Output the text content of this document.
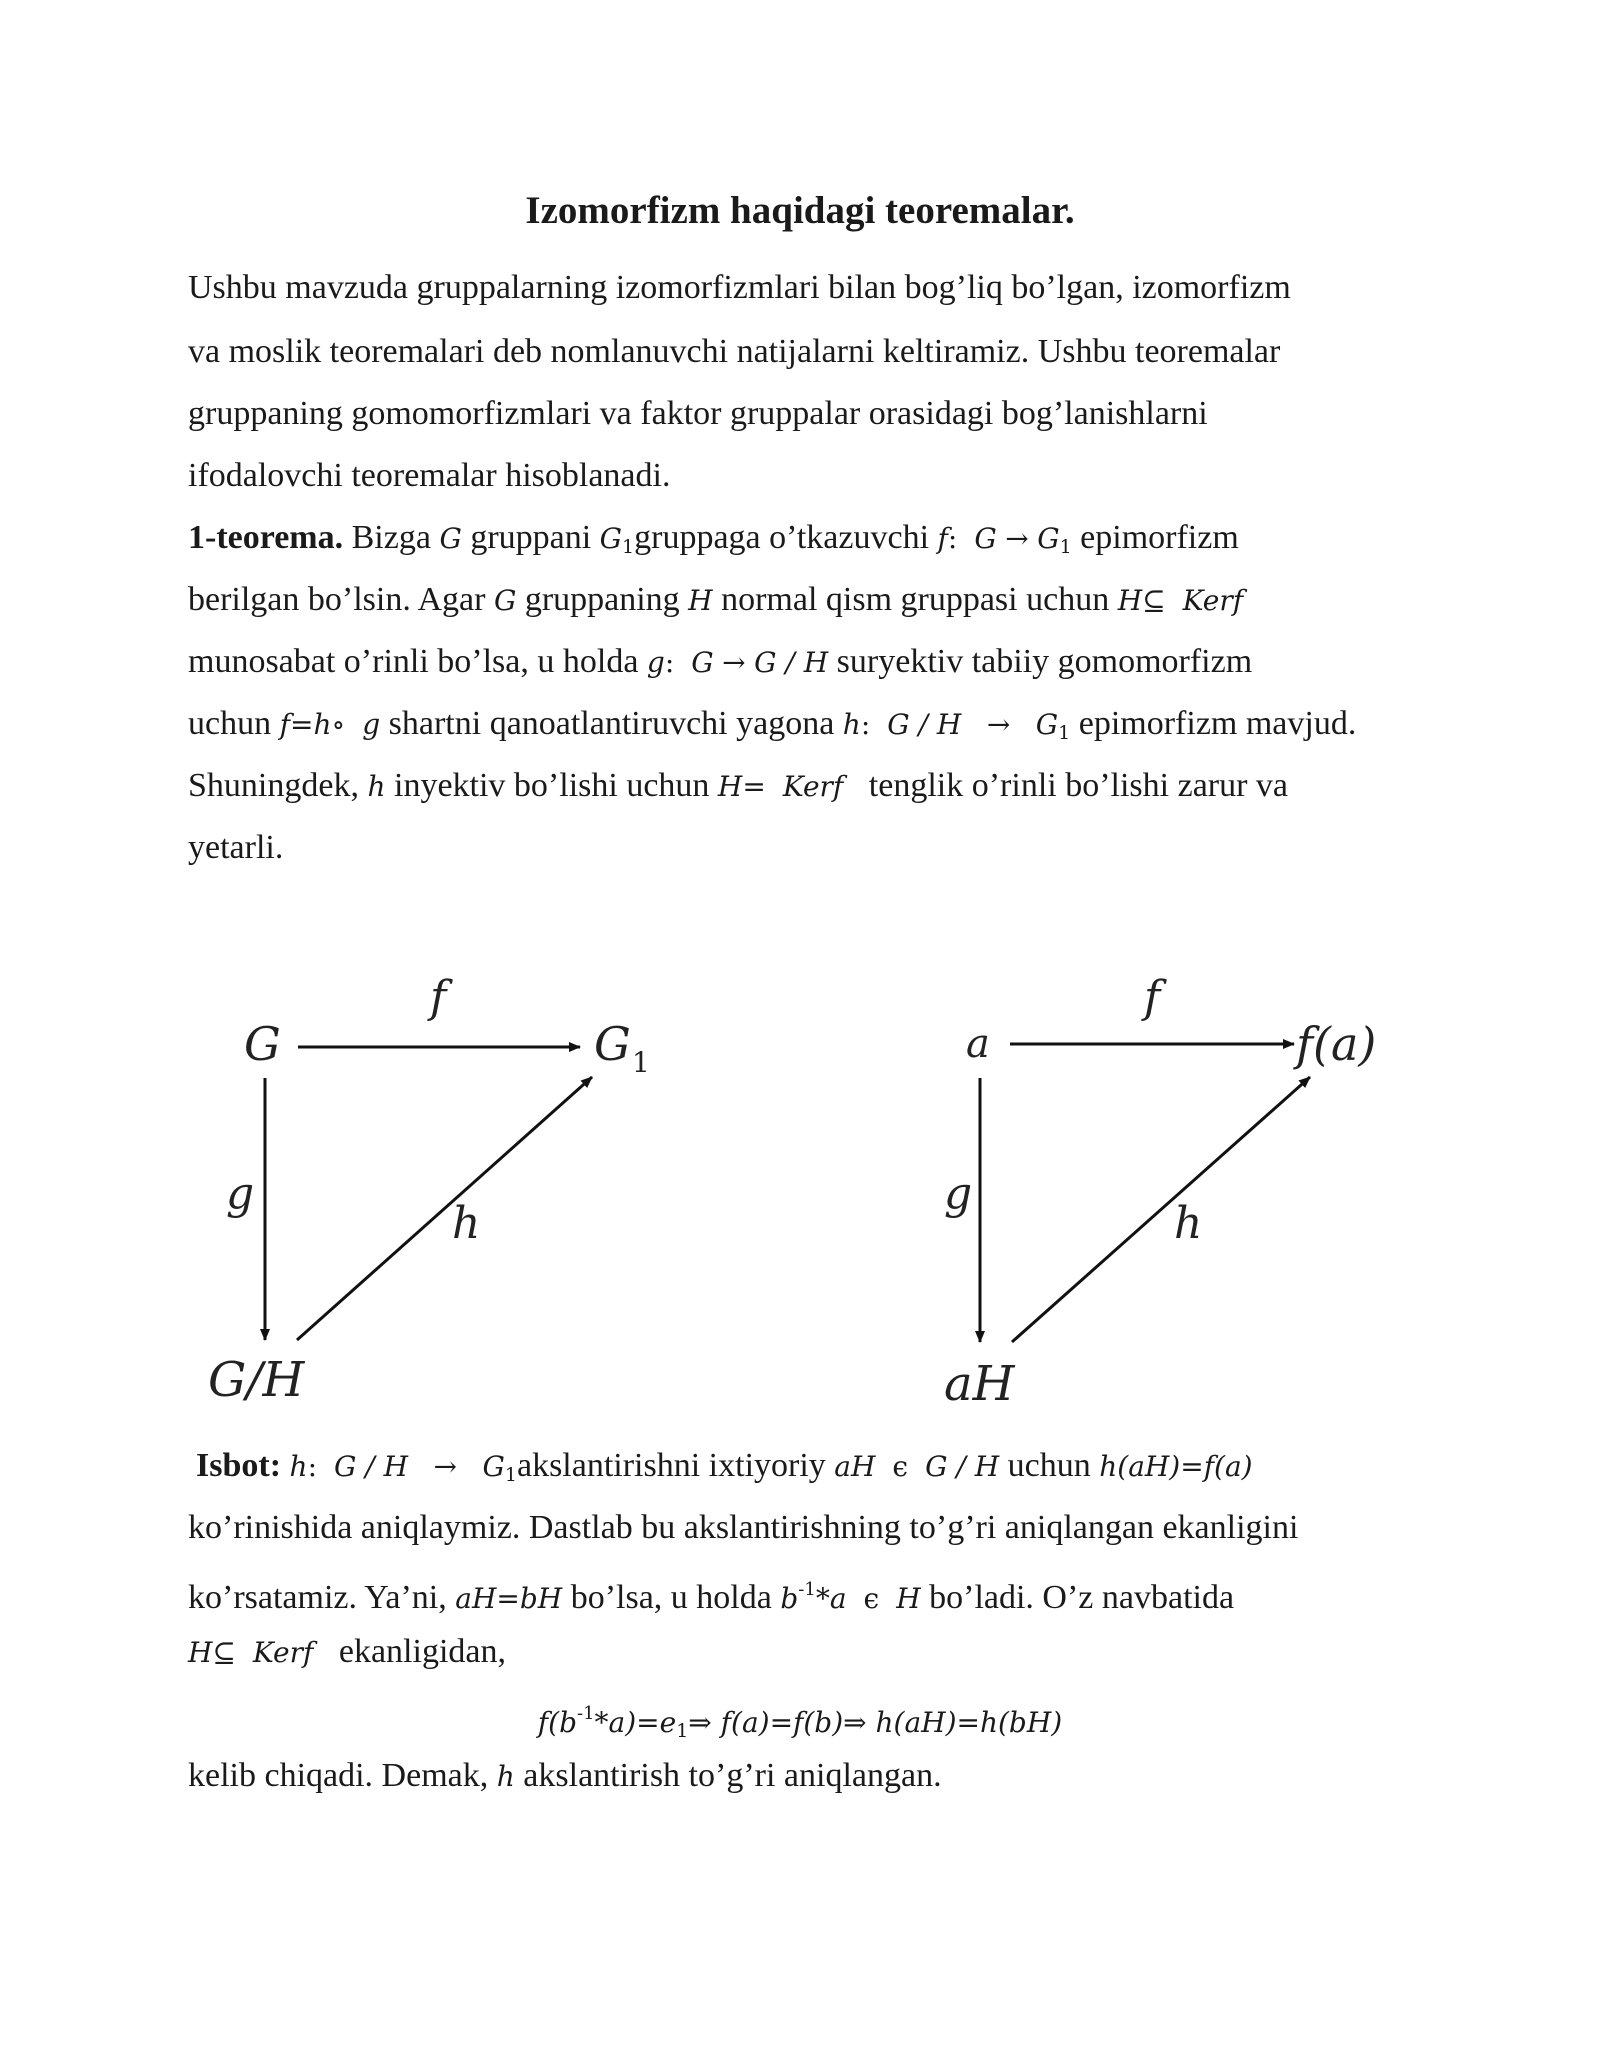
Izomorfizm haqidagi teoremalar.
Ushbu mavzuda gruppalarning izomorfizmlari bilan bog’liq bo’lgan, izomorfizm
va moslik teoremalari deb nomlanuvchi natijalarni keltiramiz. Ushbu teoremalar
gruppaning gomomorfizmlari va faktor gruppalar orasidagi bog’lanishlarni
ifodalovchi teoremalar hisoblanadi.
1-teorema. Bizga G gruppani $G_1gruppaga$ o’tkazuvchi f: $G \to G_1$ epimorfizm
berilgan bo’lsin. Agar G gruppaning H normal qism gruppasi uchun H⊆ Kerf
munosabat o’rinli bo’lsa, u holda g: G → G / H suryektiv tabiiy gomomorfizm
uchun f=h∘ g shartni qanoatlantiruvchi yagona h: $G / H \to G_1$ epimorfizm mavjud.
Shuningdek, h inyektiv bo’lishi uchun H= Kerf   tenglik o’rinli bo’lishi zarur va
yetarli.
G
f
G 1
g
h
G/H
a
f
f(a)
g
h
aH
Isbot: h: $G / H \to G_1akslantirishni$ ixtiyoriy aH ϵ G / H uchun h(aH)=f(a)
ko’rinishida aniqlaymiz. Dastlab bu akslantirishning to’g’ri aniqlangan ekanligini
ko’rsatamiz. Ya’ni, aH=bH bo’lsa, u holda $b^{-1}*a$ ϵ H bo’ladi. O’z navbatida
H⊆ Kerf ekanligidan,
$f(b^{-1}*a)=e_1\Rightarrow$ f(a)=f(b)⇒ h(aH)=h(bH)
kelib chiqadi. Demak, h akslantirish to’g’ri aniqlangan.
